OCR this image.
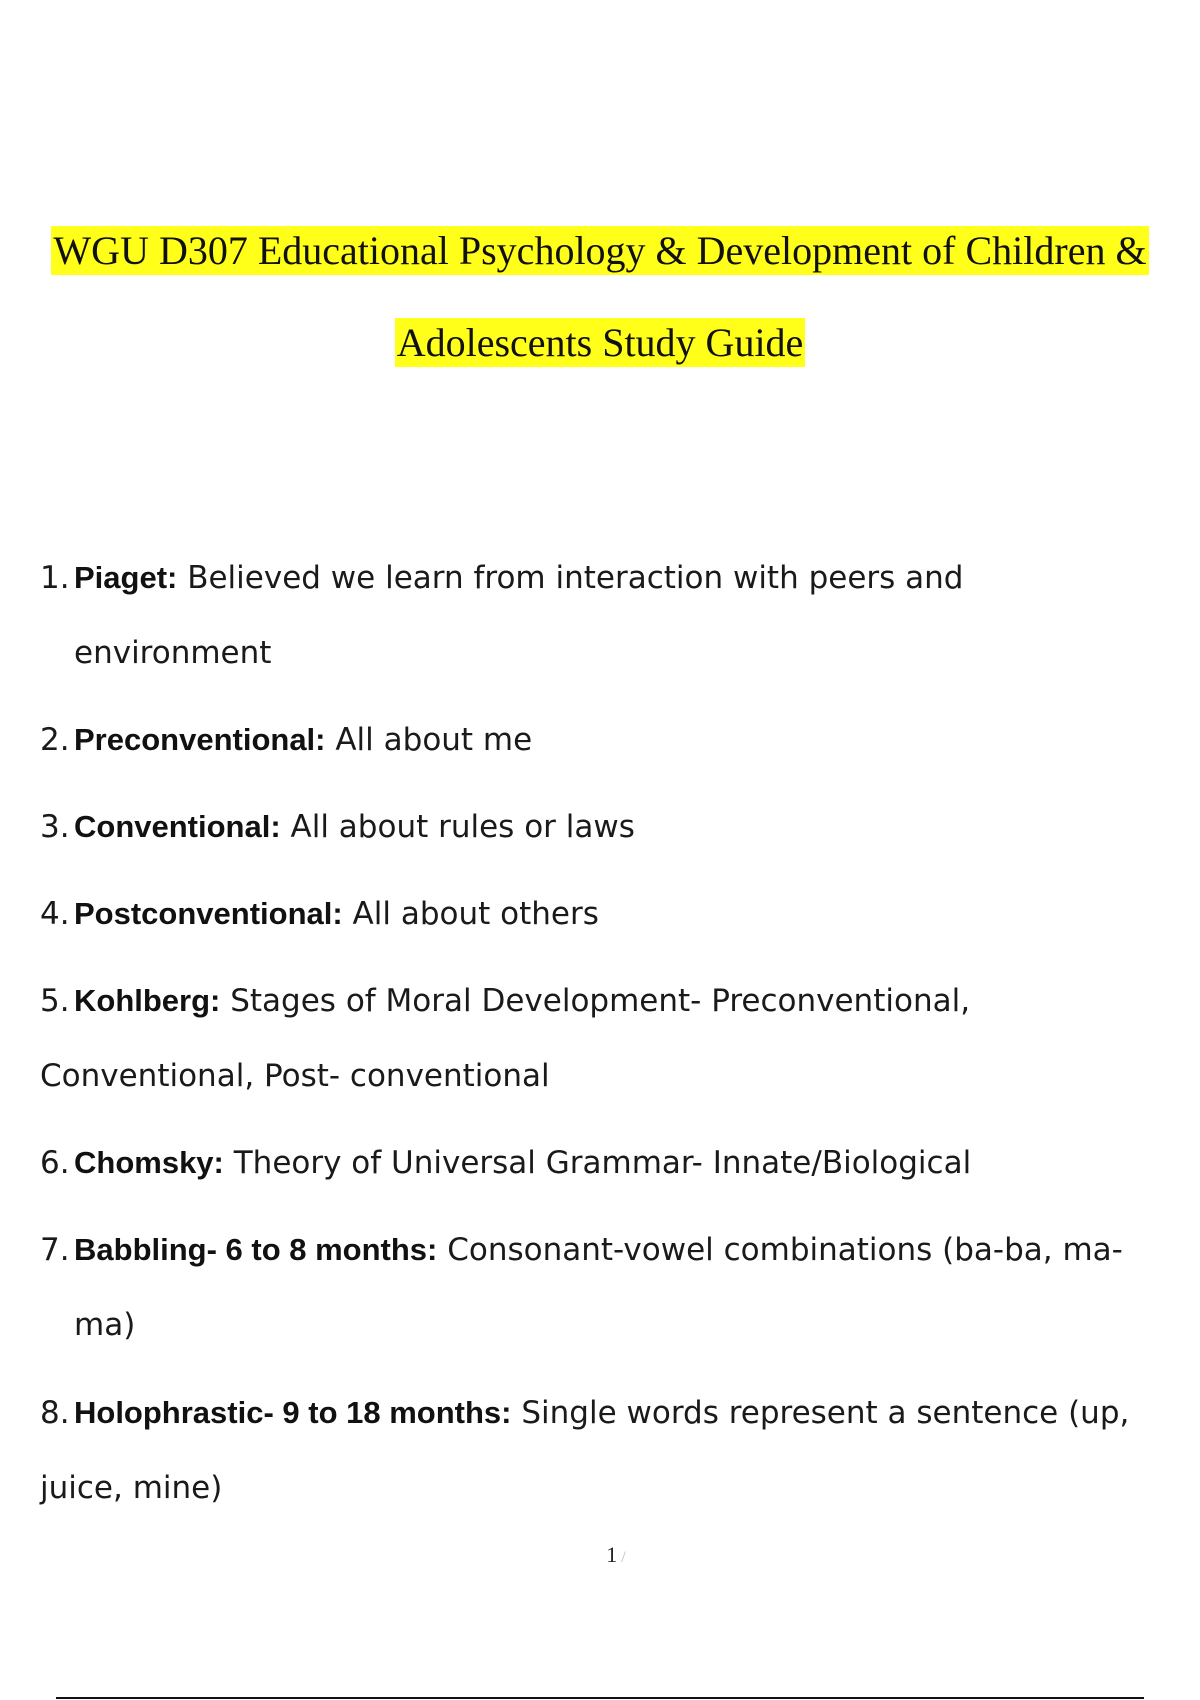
WGU D307 Educational Psychology & Development of Children &
Adolescents Study Guide
1. Piaget: Believed we learn from interaction with peers and
environment
2. Preconventional: All about me
3. Conventional: All about rules or laws
4. Postconventional: All about others
5. Kohlberg: Stages of Moral Development- Preconventional,
Conventional, Post- conventional
6. Chomsky: Theory of Universal Grammar- Innate/Biological
7. Babbling- 6 to 8 months: Consonant-vowel combinations (ba-ba, ma-
ma)
8. Holophrastic- 9 to 18 months: Single words represent a sentence (up,
juice, mine)
1 /
